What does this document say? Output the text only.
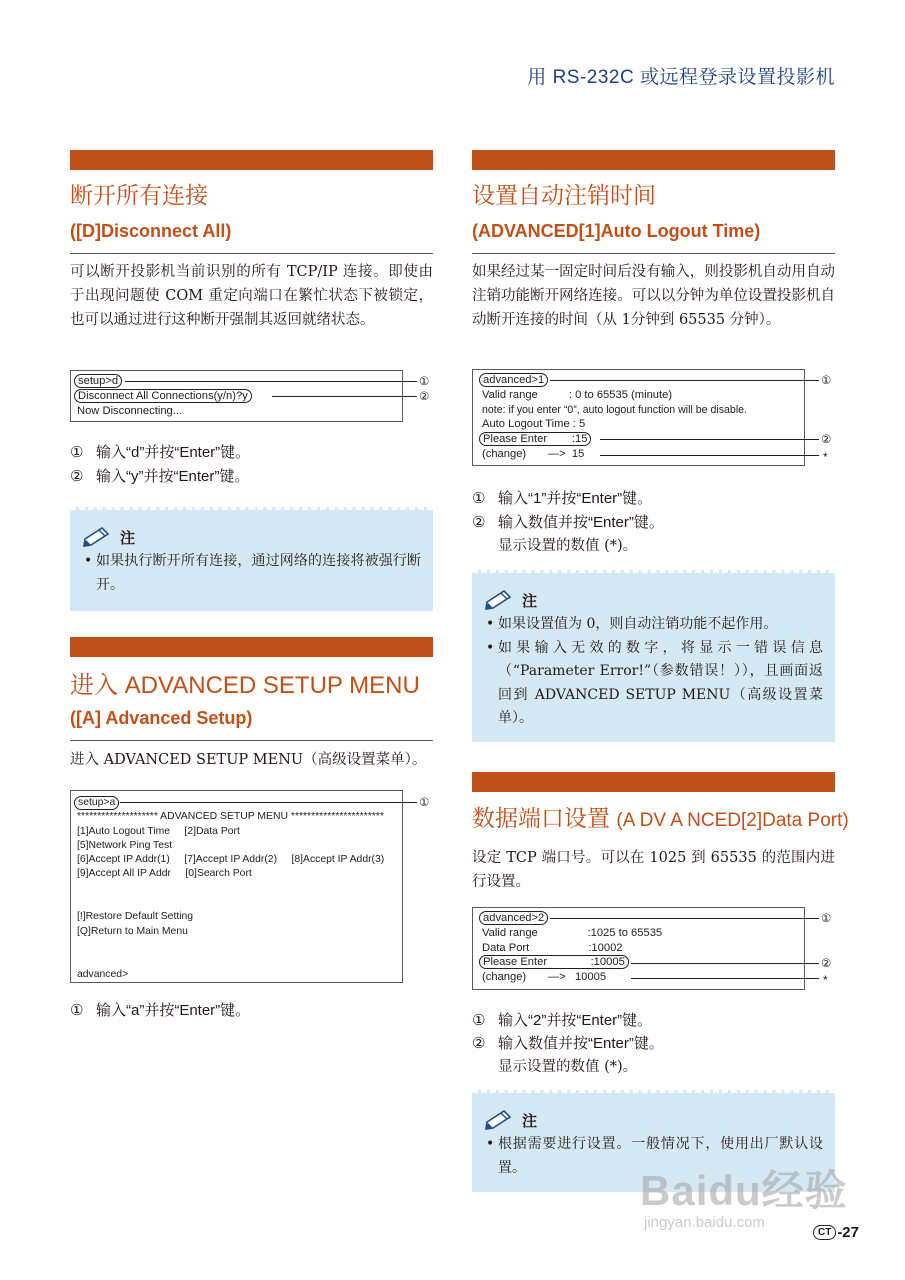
用 RS-232C 或远程登录设置投影机
断开所有连接
([D]Disconnect All)
可以断开投影机当前识别的所有 TCP/IP 连接。即使由于出现问题使 COM 重定向端口在繁忙状态下被锁定，也可以通过进行这种断开强制其返回就绪状态。
setup>d
Disconnect All Connections(y/n)?y
Now Disconnecting...
①
②
① 输入“d”并按“Enter”键。
② 输入“y”并按“Enter”键。
注
• 如果执行断开所有连接，通过网络的连接将被强行断开。
进入 ADVANCED SETUP MENU
([A] Advanced Setup)
进入 ADVANCED SETUP MENU（高级设置菜单）。
setup>a
******************** ADVANCED SETUP MENU ***********************
[1]Auto Logout Time     [2]Data Port
[5]Network Ping Test
[6]Accept IP Addr(1)     [7]Accept IP Addr(2)     [8]Accept IP Addr(3)
[9]Accept All IP Addr     [0]Search Port
[!]Restore Default Setting
[Q]Return to Main Menu
advanced>
①
① 输入“a”并按“Enter”键。
设置自动注销时间
(ADVANCED[1]Auto Logout Time)
如果经过某一固定时间后没有输入，则投影机自动用自动注销功能断开网络连接。可以以分钟为单位设置投影机自动断开连接的时间（从 1分钟到 65535 分钟）。
advanced>1
Valid range          : 0 to 65535 (minute)
note: if you enter “0”, auto logout function will be disable.
Auto Logout Time : 5
Please Enter        :15
(change)       —>  15
①
②
*
① 输入“1”并按“Enter”键。
② 输入数值并按“Enter”键。
显示设置的数值 (*)。
注
• 如果设置值为 0，则自动注销功能不起作用。
• 如果输入无效的数字，将显示一错误信息（“Parameter Error!”（参数错误！）），且画面返回到 ADVANCED SETUP MENU（高级设置菜单）。
数据端口设置 (A DV A NCED[2]Data Port)
设定 TCP 端口号。可以在 1025 到 65535 的范围内进行设置。
advanced>2
Valid range                :1025 to 65535
Data Port                   :10002
Please Enter              :10005
(change)       —>   10005
①
②
*
① 输入“2”并按“Enter”键。
② 输入数值并按“Enter”键。
显示设置的数值 (*)。
注
• 根据需要进行设置。一般情况下，使用出厂默认设置。	Baidu经验
jingyan.baidu.com
CT -27
